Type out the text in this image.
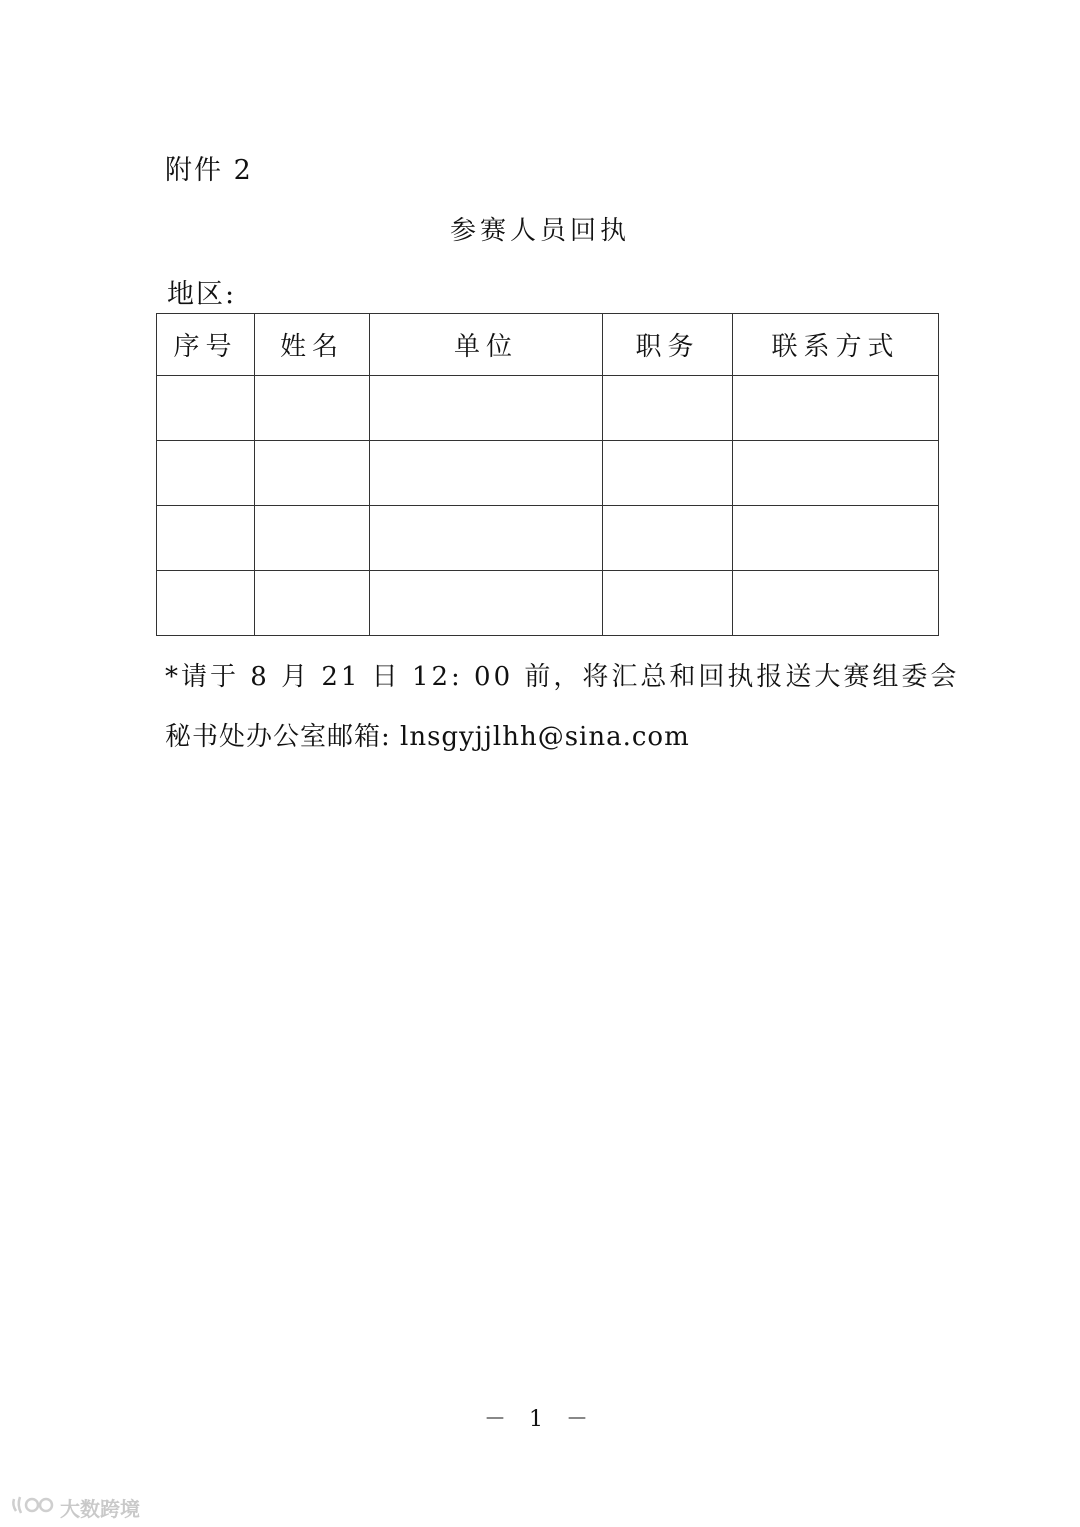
附件 2
参赛人员回执
地区:
序号	姓名	单位	职务	联系方式

*请于 8 月 21 日 12: 00 前，将汇总和回执报送大赛组委会
秘书处办公室邮箱: lnsgyjjlhh@sina.com
－ 1 －
大数跨境
